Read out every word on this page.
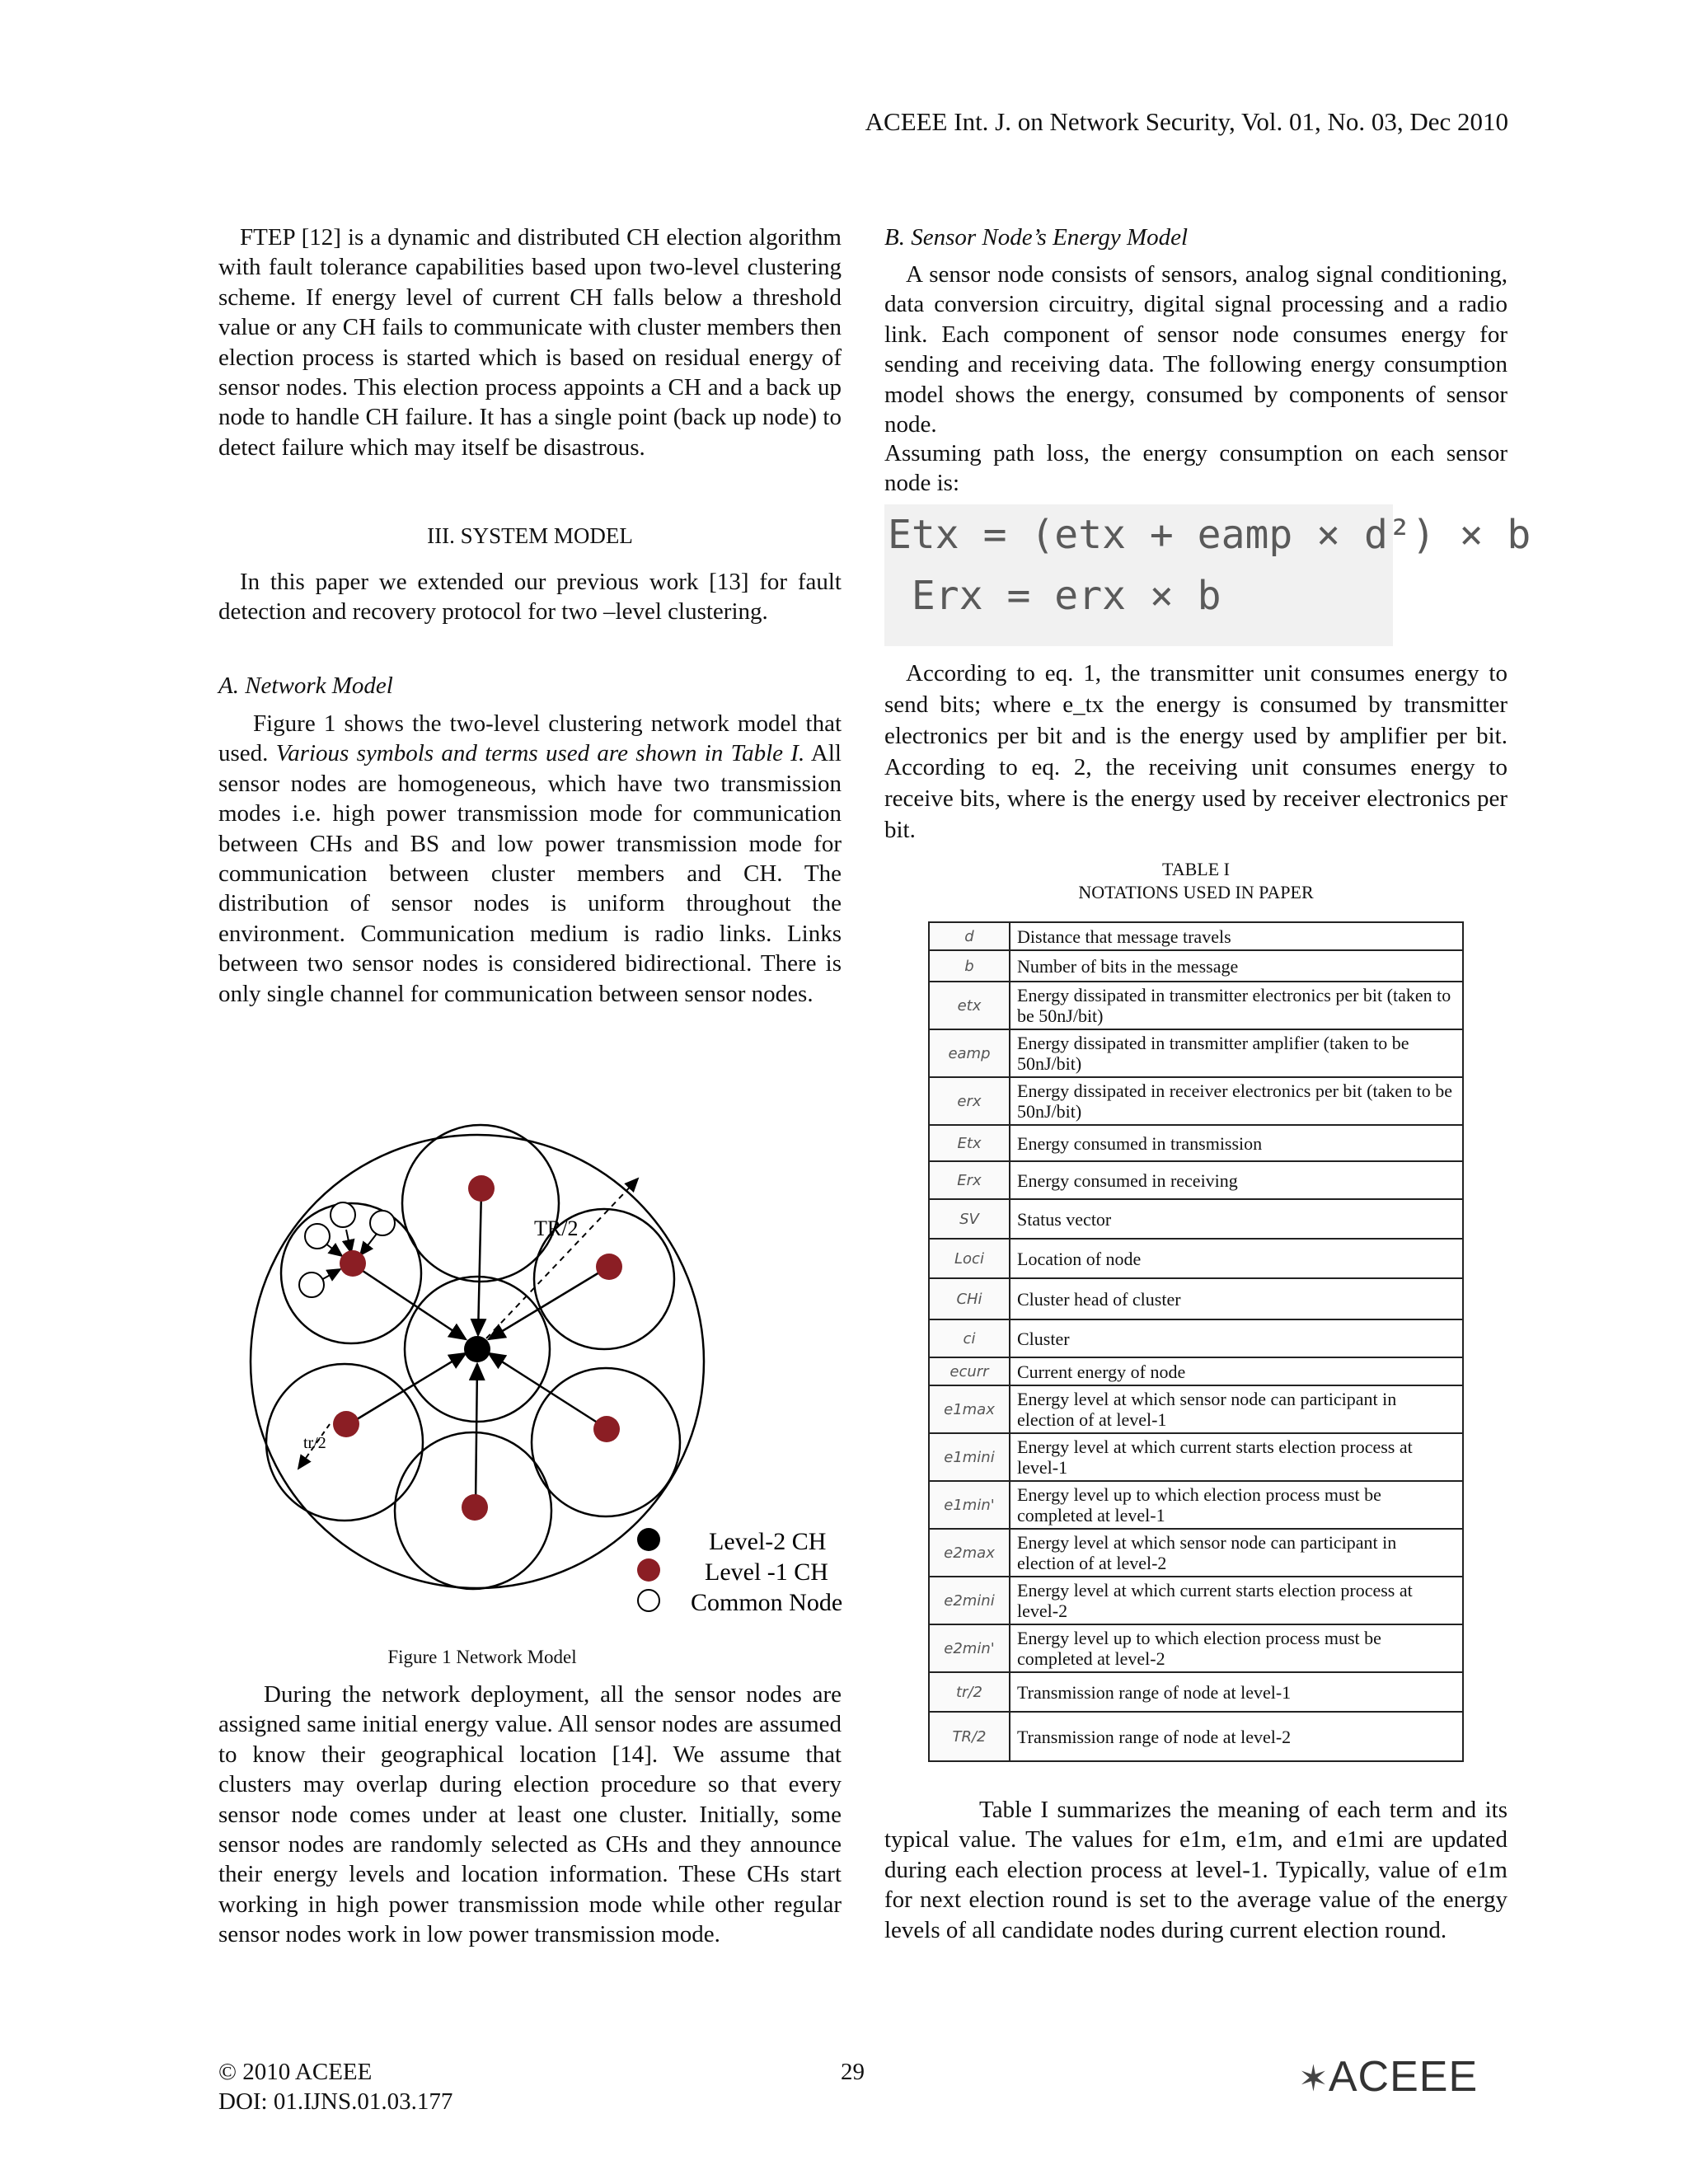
ACEEE Int. J. on Network Security, Vol. 01, No. 03, Dec 2010

FTEP [12] is a dynamic and distributed CH election algorithm with fault tolerance capabilities based upon two-level clustering scheme. If energy level of current CH falls below a threshold value or any CH fails to communicate with cluster members then election process is started which is based on residual energy of sensor nodes. This election process appoints a CH and a back up node to handle CH failure. It has a single point (back up node) to detect failure which may itself be disastrous.

III. SYSTEM MODEL

In this paper we extended our previous work [13] for fault detection and recovery protocol for two –level clustering.

A. Network Model

Figure 1 shows the two-level clustering network model that used. Various symbols and terms used are shown in Table I. All sensor nodes are homogeneous, which have two transmission modes i.e. high power transmission mode for communication between CHs and BS and low power transmission mode for communication between cluster members and CH. The distribution of sensor nodes is uniform throughout the environment. Communication medium is radio links. Links between two sensor nodes is considered bidirectional. There is only single channel for communication between sensor nodes.

TR/2
tr/2
Level-2 CH
Level -1 CH
Common Node
Figure 1 Network Model

During the network deployment, all the sensor nodes are assigned same initial energy value. All sensor nodes are assumed to know their geographical location [14]. We assume that clusters may overlap during election procedure so that every sensor node comes under at least one cluster. Initially, some sensor nodes are randomly selected as CHs and they announce their energy levels and location information. These CHs start working in high power transmission mode while other regular sensor nodes work in low power transmission mode.

B. Sensor Node’s Energy Model

A sensor node consists of sensors, analog signal conditioning, data conversion circuitry, digital signal processing and a radio link. Each component of sensor node consumes energy for sending and receiving data. The following energy consumption model shows the energy, consumed by components of sensor node.

Assuming path loss, the energy consumption on each sensor node is:

Etx = (etx + eamp × d²) × b
Erx = erx × b

According to eq. 1, the transmitter unit consumes energy to send bits; where e_tx the energy is consumed by transmitter electronics per bit and is the energy used by amplifier per bit. According to eq. 2, the receiving unit consumes energy to receive bits, where is the energy used by receiver electronics per bit.

TABLE I
NOTATIONS USED IN PAPER
d	Distance that message travels
b	Number of bits in the message
etx	Energy dissipated in transmitter electronics per bit (taken to be 50nJ/bit)
eamp	Energy dissipated in transmitter amplifier (taken to be 50nJ/bit)
erx	Energy dissipated in receiver electronics per bit (taken to be 50nJ/bit)
Etx	Energy consumed in transmission
Erx	Energy consumed in receiving
SV	Status vector
Loci	Location of node
CHi	Cluster head of cluster
ci	Cluster
ecurr	Current energy of node
e1max	Energy level at which sensor node can participant in election of at level-1
e1mini	Energy level at which current starts election process at level-1
e1min'	Energy level up to which election process must be completed at level-1
e2max	Energy level at which sensor node can participant in election of at level-2
e2mini	Energy level at which current starts election process at level-2
e2min'	Energy level up to which election process must be completed at level-2
tr/2	Transmission range of node at level-1
TR/2	Transmission range of node at level-2

Table I summarizes the meaning of each term and its typical value. The values for e1m, e1m, and e1mi are updated during each election process at level-1. Typically, value of e1m for next election round is set to the average value of the energy levels of all candidate nodes during current election round.

© 2010 ACEEE
DOI: 01.IJNS.01.03.177
29	✶ACEEE
